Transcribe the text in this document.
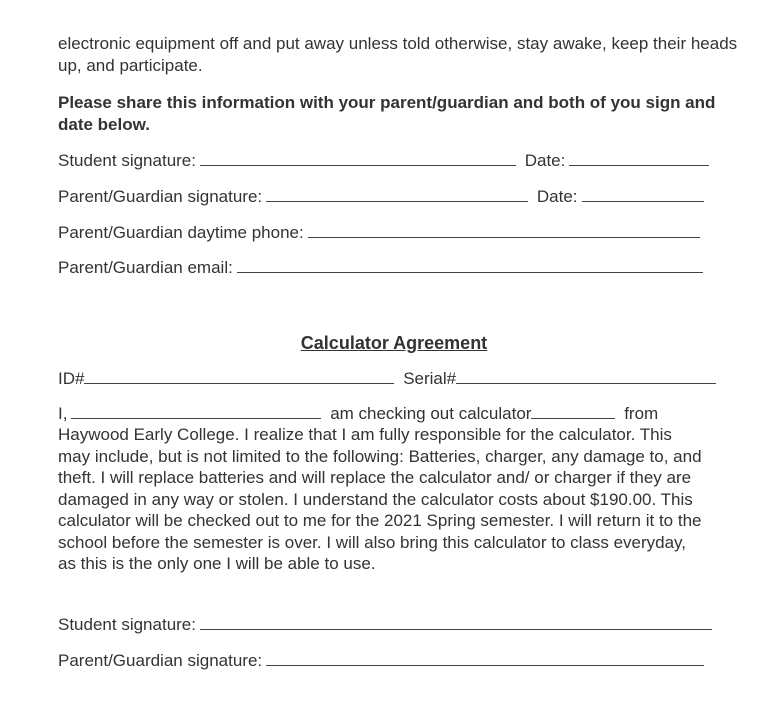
electronic equipment off and put away unless told otherwise, stay awake, keep their heads up, and participate.

Please share this information with your parent/guardian and both of you sign and date below.

Student signature:	Date:
Parent/Guardian signature:	Date:
Parent/Guardian daytime phone:
Parent/Guardian email:
Calculator Agreement
ID#	Serial#
I,	am checking out calculator	from

Haywood Early College. I realize that I am fully responsible for the calculator. This may include, but is not limited to the following: Batteries, charger, any damage to, and theft. I will replace batteries and will replace the calculator and/ or charger if they are damaged in any way or stolen. I understand the calculator costs about $190.00. This calculator will be checked out to me for the 2021 Spring semester. I will return it to the school before the semester is over. I will also bring this calculator to class everyday, as this is the only one I will be able to use.

Student signature:
Parent/Guardian signature:
